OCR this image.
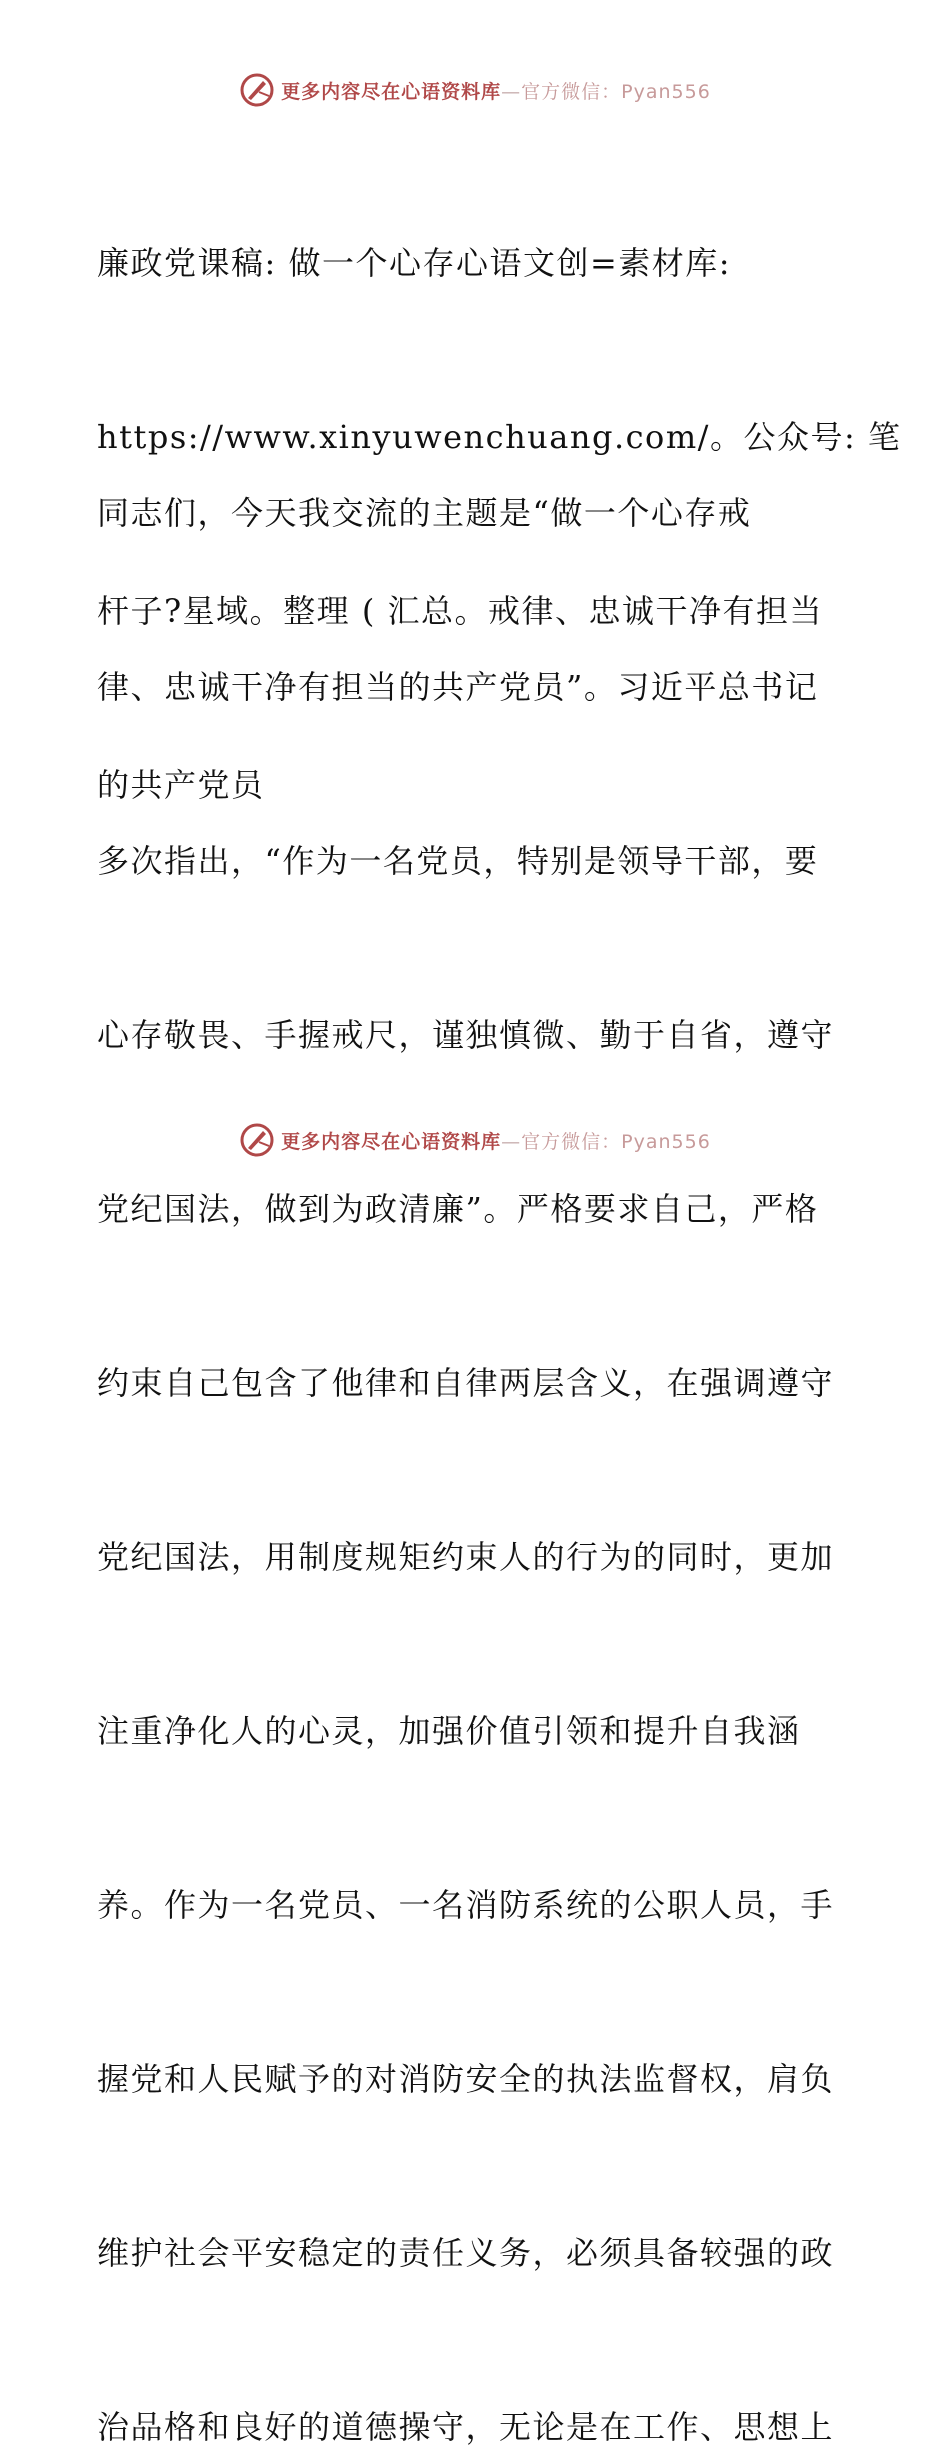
更多内容尽在心语资料库—官方微信：Pyan556

廉政党课稿: 做一个心存心语文创=素材库:

https://www.xinyuwenchuang.com/。公众号: 笔

杆子?星域。整理 ( 汇总。戒律、忠诚干净有担当

的共产党员

同志们，今天我交流的主题是“做一个心存戒

律、忠诚干净有担当的共产党员”。习近平总书记

多次指出，“作为一名党员，特别是领导干部，要

心存敬畏、手握戒尺，谨独慎微、勤于自省，遵守

党纪国法，做到为政清廉”。严格要求自己，严格

约束自己包含了他律和自律两层含义，在强调遵守

党纪国法，用制度规矩约束人的行为的同时，更加

注重净化人的心灵，加强价值引领和提升自我涵

养。作为一名党员、一名消防系统的公职人员，手

握党和人民赋予的对消防安全的执法监督权，肩负

维护社会平安稳定的责任义务，必须具备较强的政

治品格和良好的道德操守，无论是在工作、思想上

更多内容尽在心语资料库—官方微信：Pyan556
